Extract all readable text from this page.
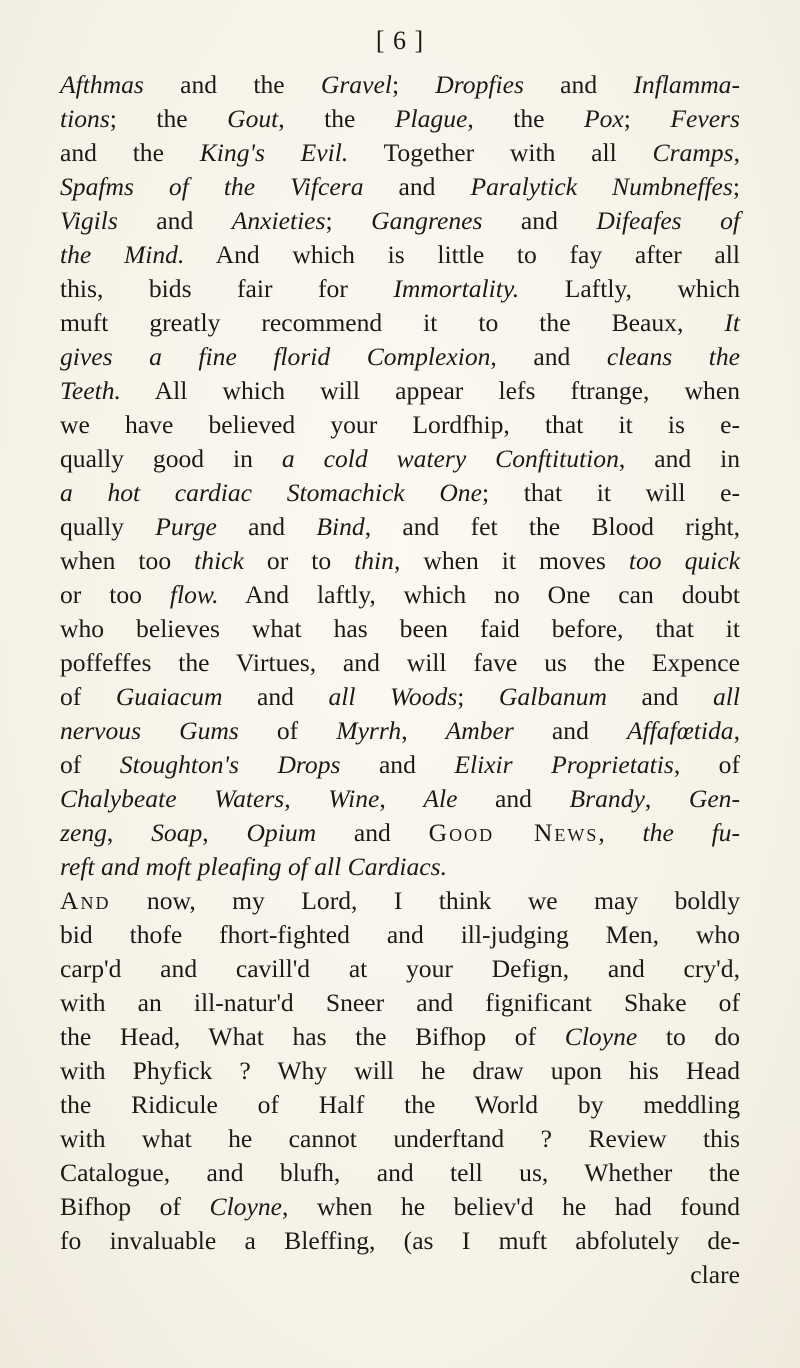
[ 6 ]
Afthmas and the Gravel; Dropfies and Inflamma-
tions; the Gout, the Plague, the Pox; Fevers
and the King's Evil. Together with all Cramps,
Spafms of the Vifcera and Paralytick Numbneffes;
Vigils and Anxieties; Gangrenes and Difeafes of
the Mind. And which is little to fay after all
this, bids fair for Immortality. Laftly, which
muft greatly recommend it to the Beaux, It
gives a fine florid Complexion, and cleans the
Teeth. All which will appear lefs ftrange, when
we have believed your Lordfhip, that it is e-
qually good in a cold watery Conftitution, and in
a hot cardiac Stomachick One; that it will e-
qually Purge and Bind, and fet the Blood right,
when too thick or to thin, when it moves too quick
or too flow. And laftly, which no One can doubt
who believes what has been faid before, that it
poffeffes the Virtues, and will fave us the Expence
of Guaiacum and all Woods; Galbanum and all
nervous Gums of Myrrh, Amber and Affafœtida,
of Stoughton's Drops and Elixir Proprietatis, of
Chalybeate Waters, Wine, Ale and Brandy, Gen-
zeng, Soap, Opium and Good News, the fu-
reft and moft pleafing of all Cardiacs.
And now, my Lord, I think we may boldly
bid thofe fhort-fighted and ill-judging Men, who
carp'd and cavill'd at your Defign, and cry'd,
with an ill-natur'd Sneer and fignificant Shake of
the Head, What has the Bifhop of Cloyne to do
with Phyfick ? Why will he draw upon his Head
the Ridicule of Half the World by meddling
with what he cannot underftand ? Review this
Catalogue, and blufh, and tell us, Whether the
Bifhop of Cloyne, when he believ'd he had found
fo invaluable a Bleffing, (as I muft abfolutely de-
clare
